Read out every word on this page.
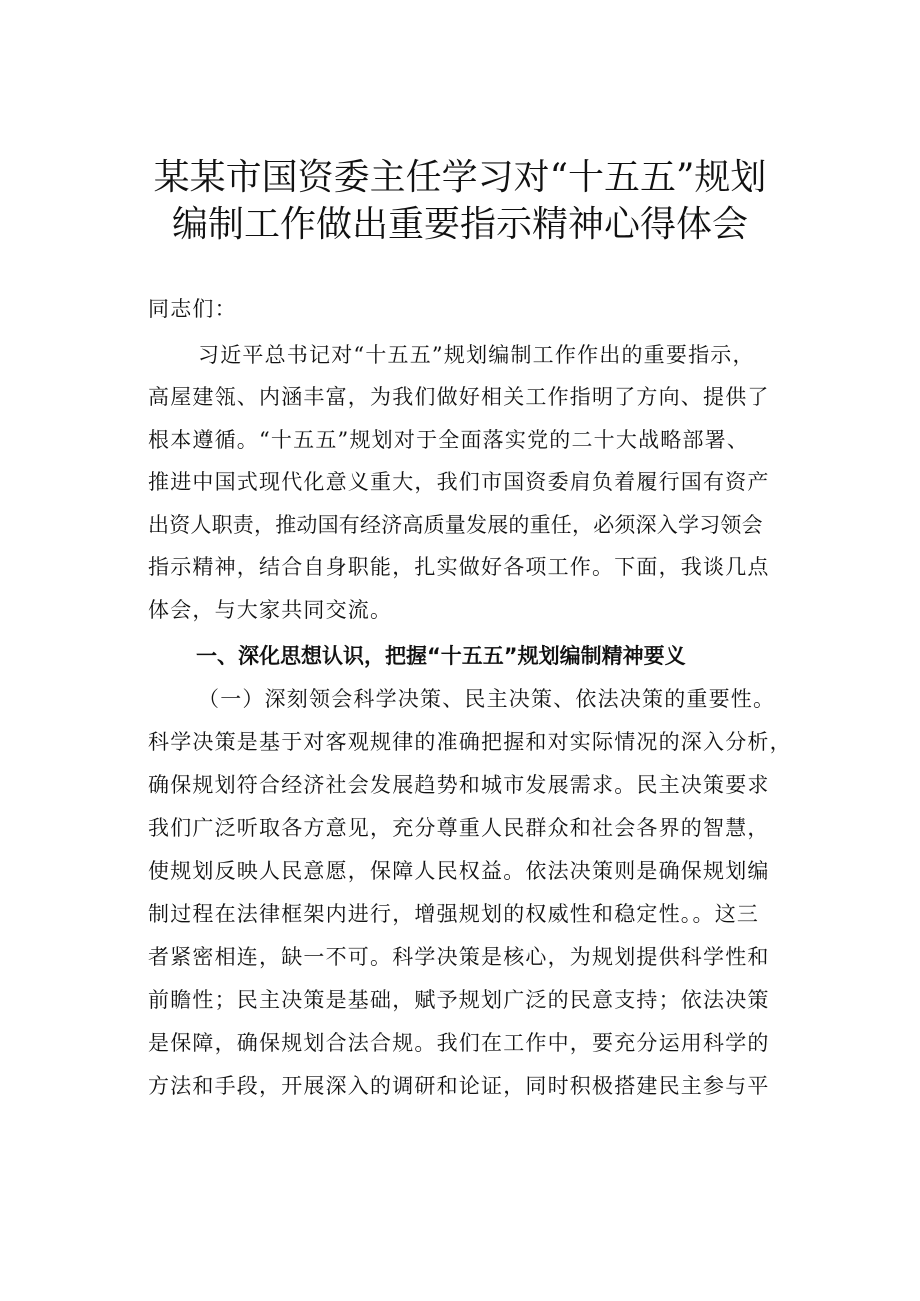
某某市国资委主任学习对“十五五”规划
编制工作做出重要指示精神心得体会
同志们：
习近平总书记对“十五五”规划编制工作作出的重要指示，
高屋建瓴、内涵丰富，为我们做好相关工作指明了方向、提供了
根本遵循。“十五五”规划对于全面落实党的二十大战略部署、
推进中国式现代化意义重大，我们市国资委肩负着履行国有资产
出资人职责，推动国有经济高质量发展的重任，必须深入学习领会
指示精神，结合自身职能，扎实做好各项工作。下面，我谈几点
体会，与大家共同交流。
一、深化思想认识，把握“十五五”规划编制精神要义
（一）深刻领会科学决策、民主决策、依法决策的重要性。
科学决策是基于对客观规律的准确把握和对实际情况的深入分析，
确保规划符合经济社会发展趋势和城市发展需求。民主决策要求
我们广泛听取各方意见，充分尊重人民群众和社会各界的智慧，
使规划反映人民意愿，保障人民权益。依法决策则是确保规划编
制过程在法律框架内进行，增强规划的权威性和稳定性。。这三
者紧密相连，缺一不可。科学决策是核心，为规划提供科学性和
前瞻性；民主决策是基础，赋予规划广泛的民意支持；依法决策
是保障，确保规划合法合规。我们在工作中，要充分运用科学的
方法和手段，开展深入的调研和论证，同时积极搭建民主参与平
